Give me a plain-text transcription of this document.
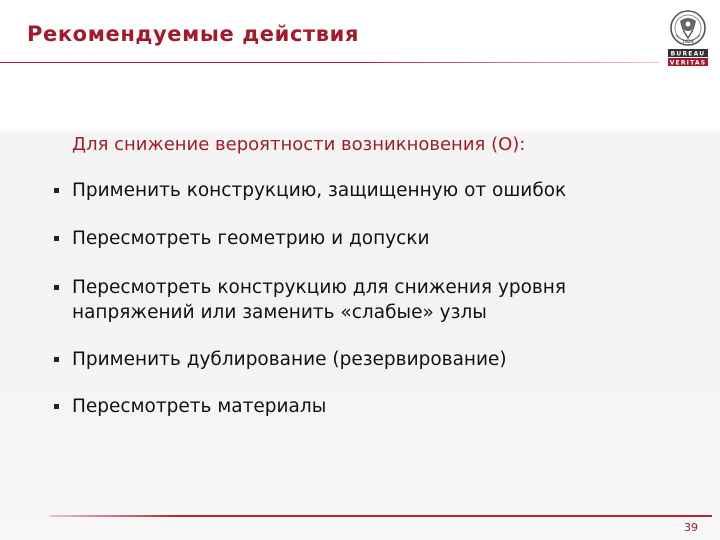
Рекомендуемые действия	1828
BUREAU
VERITAS

Для снижение вероятности возникновения (О):

Применить конструкцию, защищенную от ошибок
Пересмотреть геометрию и допуски
Пересмотреть конструкцию для снижения уровня напряжений или заменить «слабые» узлы
Применить дублирование (резервирование)
Пересмотреть материалы
39
